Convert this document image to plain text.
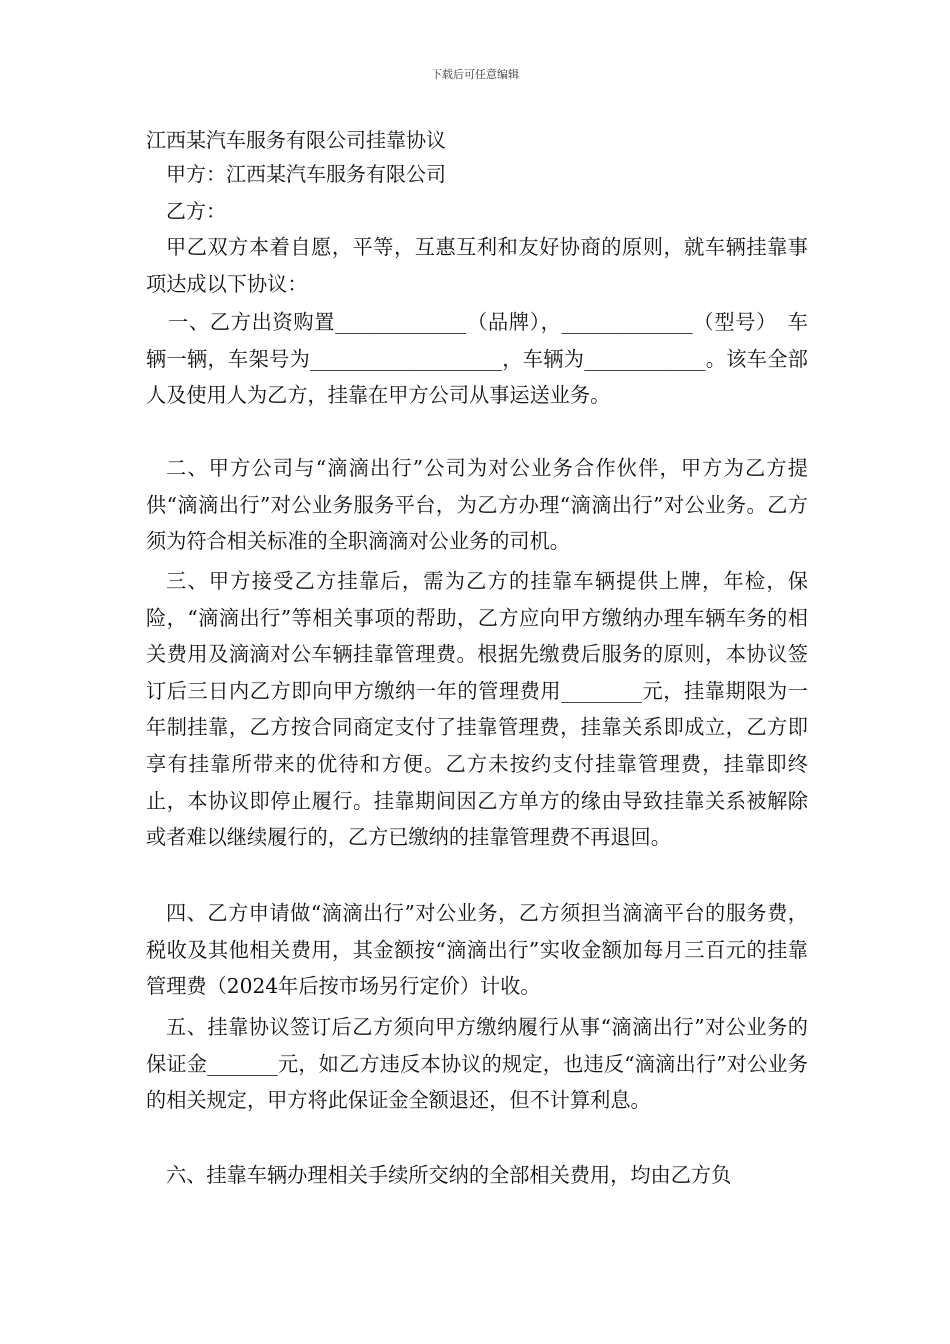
下载后可任意编辑
江西某汽车服务有限公司挂靠协议
甲方：江西某汽车服务有限公司
乙方：
甲乙双方本着自愿，平等，互惠互利和友好协商的原则，就车辆挂靠事项达成以下协议：
一、乙方出资购置_____________（品牌），_____________（型号）　车辆一辆，车架号为___________________，车辆为____________。该车全部人及使用人为乙方，挂靠在甲方公司从事运送业务。
二、甲方公司与“滴滴出行”公司为对公业务合作伙伴，甲方为乙方提供“滴滴出行”对公业务服务平台，为乙方办理“滴滴出行”对公业务。乙方须为符合相关标准的全职滴滴对公业务的司机。
三、甲方接受乙方挂靠后，需为乙方的挂靠车辆提供上牌，年检，保险，“滴滴出行”等相关事项的帮助，乙方应向甲方缴纳办理车辆车务的相关费用及滴滴对公车辆挂靠管理费。根据先缴费后服务的原则，本协议签订后三日内乙方即向甲方缴纳一年的管理费用________元，挂靠期限为一年制挂靠，乙方按合同商定支付了挂靠管理费，挂靠关系即成立，乙方即享有挂靠所带来的优待和方便。乙方未按约支付挂靠管理费，挂靠即终止，本协议即停止履行。挂靠期间因乙方单方的缘由导致挂靠关系被解除或者难以继续履行的，乙方已缴纳的挂靠管理费不再退回。
四、乙方申请做“滴滴出行”对公业务，乙方须担当滴滴平台的服务费，税收及其他相关费用，其金额按“滴滴出行”实收金额加每月三百元的挂靠管理费（2024年后按市场另行定价）计收。
五、挂靠协议签订后乙方须向甲方缴纳履行从事“滴滴出行”对公业务的保证金_______元，如乙方违反本协议的规定，也违反“滴滴出行”对公业务的相关规定，甲方将此保证金全额退还，但不计算利息。
六、挂靠车辆办理相关手续所交纳的全部相关费用，均由乙方负
